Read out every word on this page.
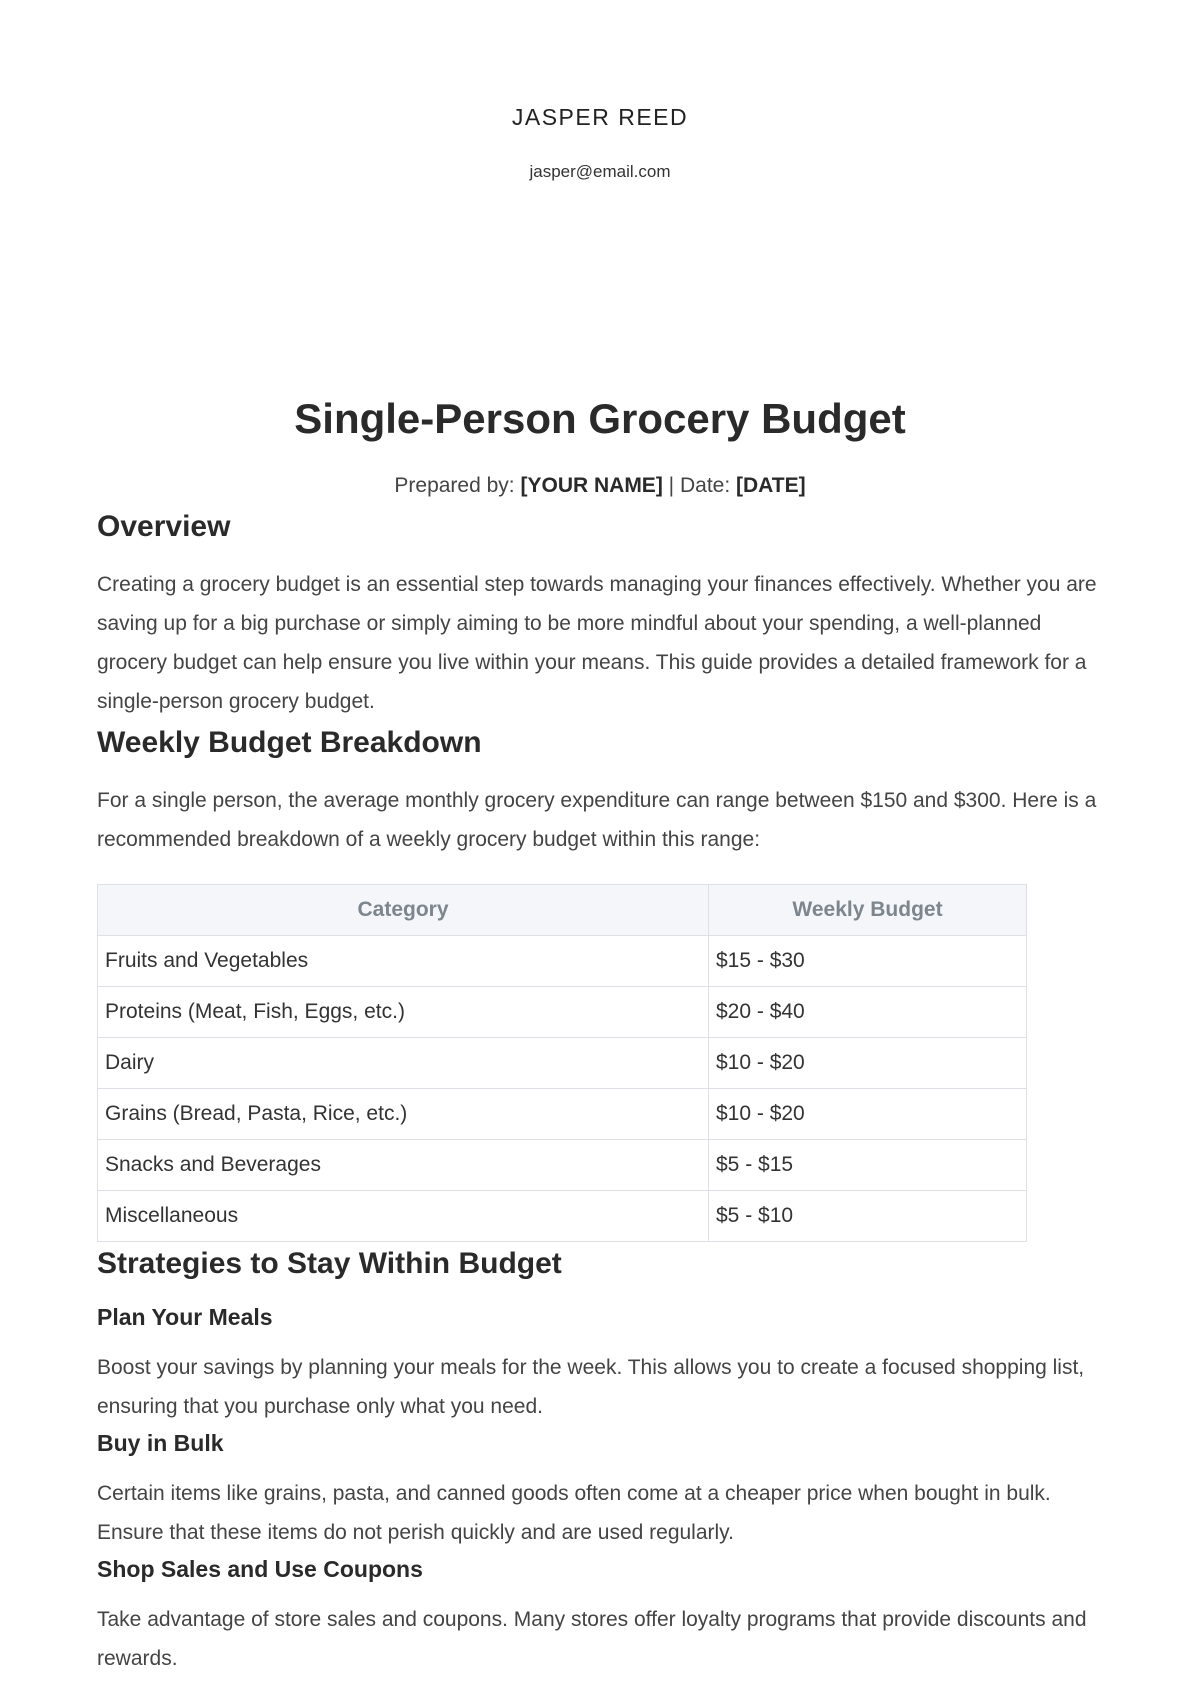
JASPER REED
jasper@email.com
Single-Person Grocery Budget
Prepared by: [YOUR NAME] | Date: [DATE]
Overview

Creating a grocery budget is an essential step towards managing your finances effectively. Whether you are saving up for a big purchase or simply aiming to be more mindful about your spending, a well-planned grocery budget can help ensure you live within your means. This guide provides a detailed framework for a single-person grocery budget.

Weekly Budget Breakdown

For a single person, the average monthly grocery expenditure can range between $150 and $300. Here is a recommended breakdown of a weekly grocery budget within this range:

Category	Weekly Budget
Fruits and Vegetables	$15 - $30
Proteins (Meat, Fish, Eggs, etc.)	$20 - $40
Dairy	$10 - $20
Grains (Bread, Pasta, Rice, etc.)	$10 - $20
Snacks and Beverages	$5 - $15
Miscellaneous	$5 - $10
Strategies to Stay Within Budget
Plan Your Meals

Boost your savings by planning your meals for the week. This allows you to create a focused shopping list, ensuring that you purchase only what you need.

Buy in Bulk

Certain items like grains, pasta, and canned goods often come at a cheaper price when bought in bulk. Ensure that these items do not perish quickly and are used regularly.

Shop Sales and Use Coupons

Take advantage of store sales and coupons. Many stores offer loyalty programs that provide discounts and rewards.
